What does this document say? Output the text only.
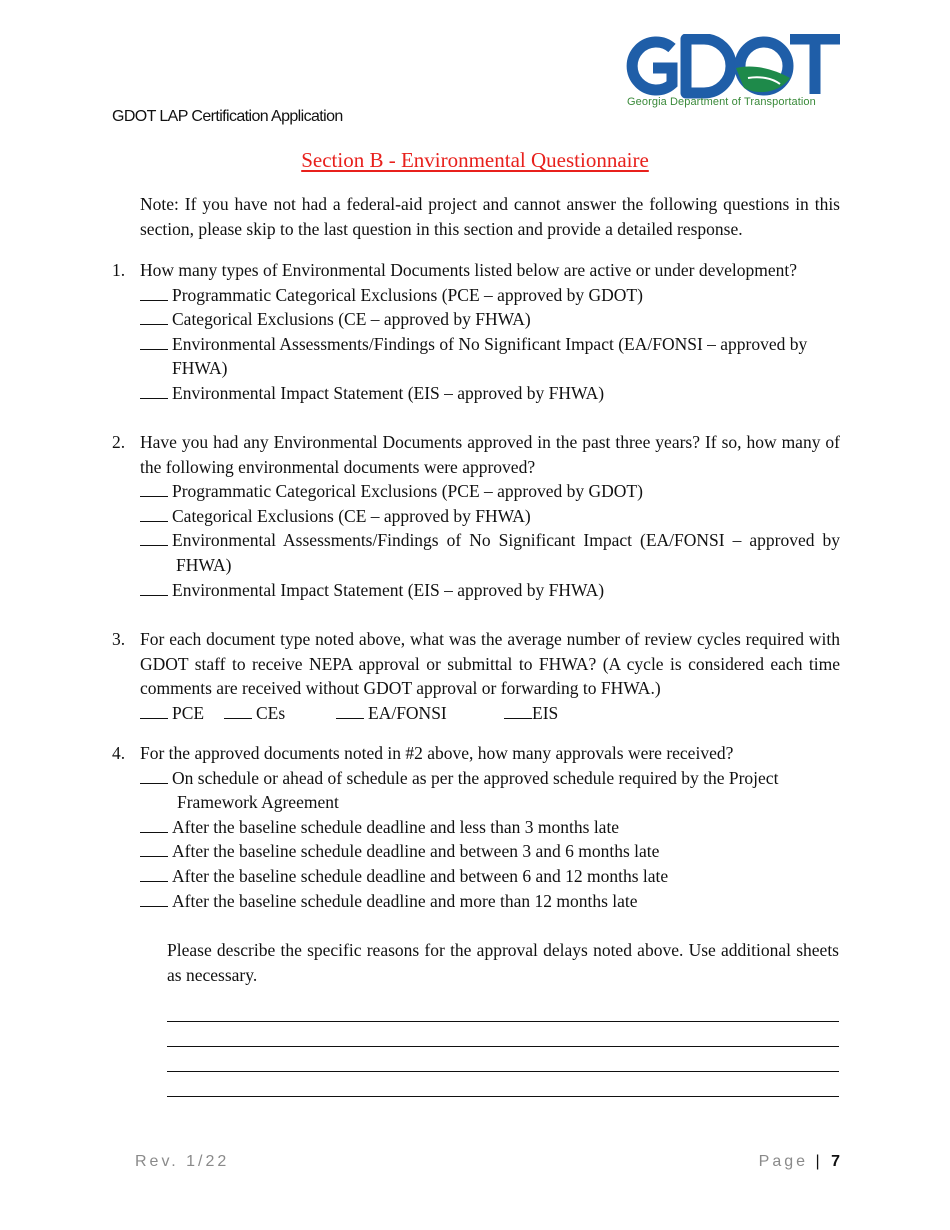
Georgia Department of Transportation
GDOT LAP Certification Application
Section B - Environmental Questionnaire
Note: If you have not had a federal-aid project and cannot answer the following questions in this section, please skip to the last question in this section and provide a detailed response.
1. How many types of Environmental Documents listed below are active or under development?
Programmatic Categorical Exclusions (PCE – approved by GDOT)
Categorical Exclusions (CE – approved by FHWA)
Environmental Assessments/Findings of No Significant Impact (EA/FONSI – approved by FHWA)
Environmental Impact Statement (EIS – approved by FHWA)
2. Have you had any Environmental Documents approved in the past three years? If so, how many of the following environmental documents were approved?
Programmatic Categorical Exclusions (PCE – approved by GDOT)
Categorical Exclusions (CE – approved by FHWA)
Environmental Assessments/Findings of No Significant Impact (EA/FONSI – approved by FHWA)
Environmental Impact Statement (EIS – approved by FHWA)
3. For each document type noted above, what was the average number of review cycles required with GDOT staff to receive NEPA approval or submittal to FHWA? (A cycle is considered each time comments are received without GDOT approval or forwarding to FHWA.)
PCE	CEs	EA/FONSI	EIS
4. For the approved documents noted in #2 above, how many approvals were received?
On schedule or ahead of schedule as per the approved schedule required by the Project Framework Agreement
After the baseline schedule deadline and less than 3 months late
After the baseline schedule deadline and between 3 and 6 months late
After the baseline schedule deadline and between 6 and 12 months late
After the baseline schedule deadline and more than 12 months late
Please describe the specific reasons for the approval delays noted above. Use additional sheets as necessary.
Rev. 1/22	Page | 7
